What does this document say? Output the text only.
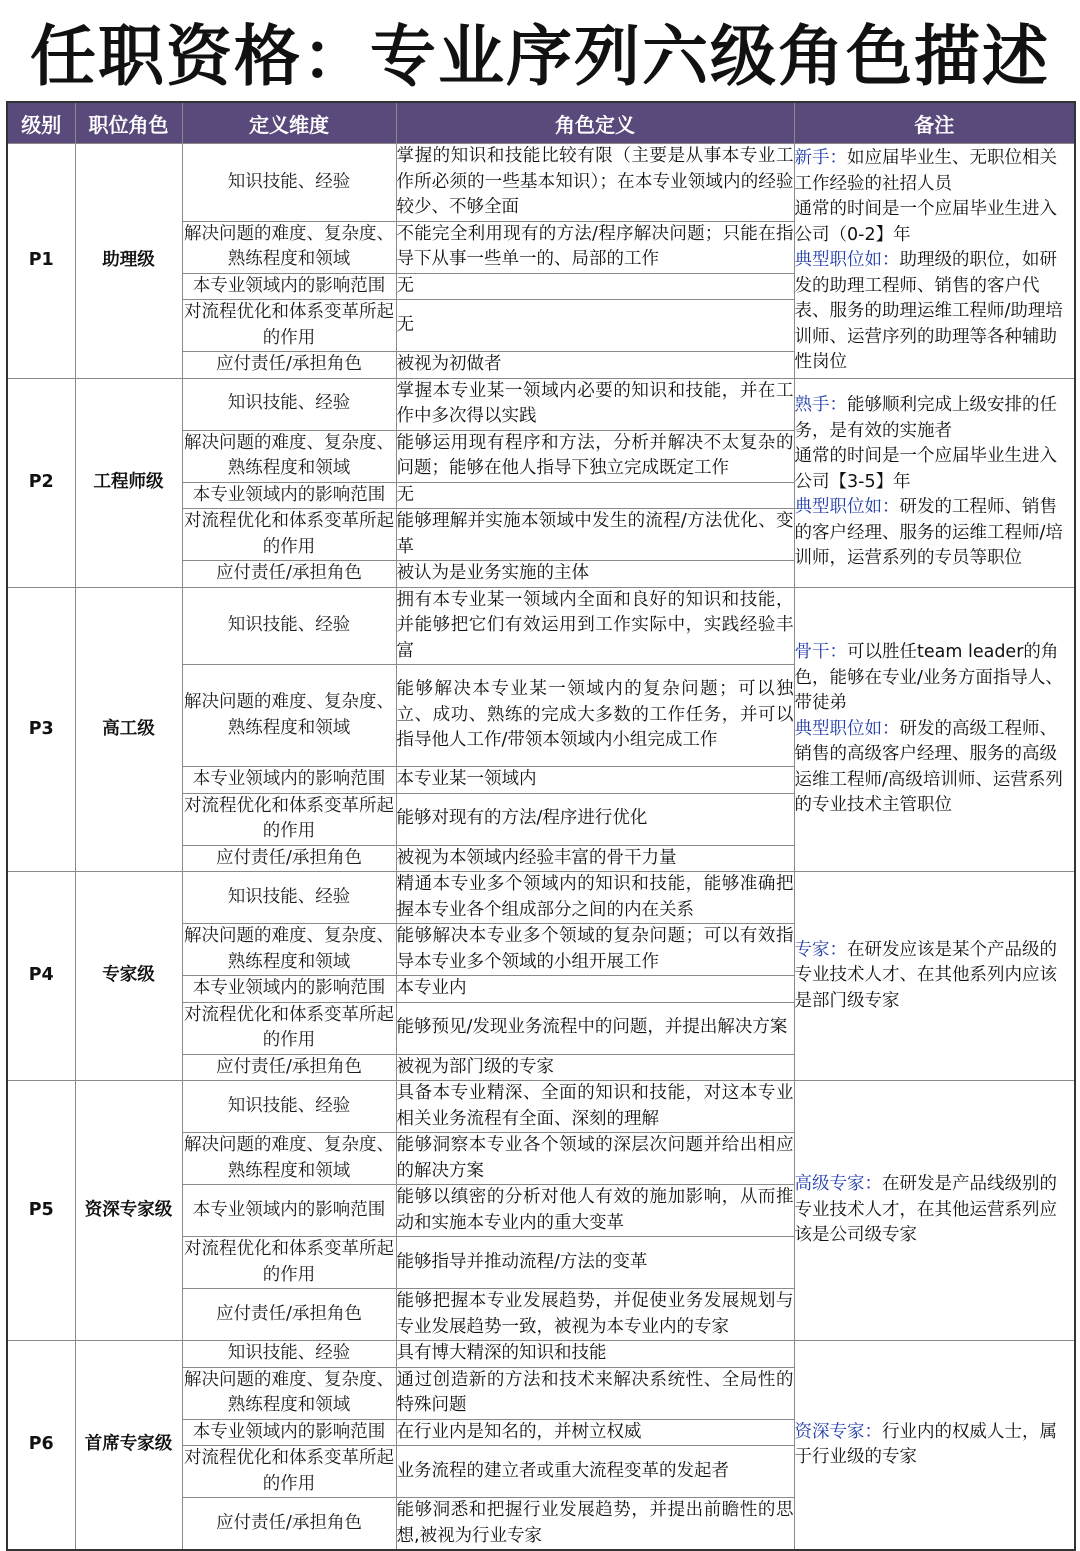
任职资格：专业序列六级角色描述
级别	职位角色	定义维度	角色定义	备注
P1	助理级	知识技能、经验	掌握的知识和技能比较有限（主要是从事本专业工作所必须的一些基本知识）；在本专业领域内的经验较少、不够全面	新手：如应届毕业生、无职位相关工作经验的社招人员
通常的时间是一个应届毕业生进入公司（0-2】年
典型职位如：助理级的职位，如研发的助理工程师、销售的客户代表、服务的助理运维工程师/助理培训师、运营序列的助理等各种辅助性岗位

		解决问题的难度、复杂度、熟练程度和领域	不能完全利用现有的方法/程序解决问题；只能在指导下从事一些单一的、局部的工作	
		本专业领域内的影响范围	无	
		对流程优化和体系变革所起的作用	无	
		应付责任/承担角色	被视为初做者	
P2	工程师级	知识技能、经验	掌握本专业某一领域内必要的知识和技能，并在工作中多次得以实践	熟手：能够顺利完成上级安排的任务，是有效的实施者
通常的时间是一个应届毕业生进入公司【3-5】年
典型职位如：研发的工程师、销售的客户经理、服务的运维工程师/培训师，运营系列的专员等职位

		解决问题的难度、复杂度、熟练程度和领域	能够运用现有程序和方法，分析并解决不太复杂的问题；能够在他人指导下独立完成既定工作	
		本专业领域内的影响范围	无	
		对流程优化和体系变革所起的作用	能够理解并实施本领域中发生的流程/方法优化、变革	
		应付责任/承担角色	被认为是业务实施的主体	
P3	高工级	知识技能、经验	拥有本专业某一领域内全面和良好的知识和技能，并能够把它们有效运用到工作实际中，实践经验丰富	骨干：可以胜任team leader的角色，能够在专业/业务方面指导人、带徒弟
典型职位如：研发的高级工程师、销售的高级客户经理、服务的高级运维工程师/高级培训师、运营系列的专业技术主管职位

		解决问题的难度、复杂度、熟练程度和领域	能够解决本专业某一领域内的复杂问题；可以独立、成功、熟练的完成大多数的工作任务，并可以指导他人工作/带领本领域内小组完成工作	
		本专业领域内的影响范围	本专业某一领域内	
		对流程优化和体系变革所起的作用	能够对现有的方法/程序进行优化	
		应付责任/承担角色	被视为本领域内经验丰富的骨干力量	
P4	专家级	知识技能、经验	精通本专业多个领域内的知识和技能，能够准确把握本专业各个组成部分之间的内在关系	专家：在研发应该是某个产品级的专业技术人才、在其他系列内应该是部门级专家

		解决问题的难度、复杂度、熟练程度和领域	能够解决本专业多个领域的复杂问题；可以有效指导本专业多个领域的小组开展工作	
		本专业领域内的影响范围	本专业内	
		对流程优化和体系变革所起的作用	能够预见/发现业务流程中的问题，并提出解决方案	
		应付责任/承担角色	被视为部门级的专家	
P5	资深专家级	知识技能、经验	具备本专业精深、全面的知识和技能，对这本专业相关业务流程有全面、深刻的理解	高级专家：在研发是产品线级别的专业技术人才，在其他运营系列应该是公司级专家

		解决问题的难度、复杂度、熟练程度和领域	能够洞察本专业各个领域的深层次问题并给出相应的解决方案	
		本专业领域内的影响范围	能够以缜密的分析对他人有效的施加影响，从而推动和实施本专业内的重大变革	
		对流程优化和体系变革所起的作用	能够指导并推动流程/方法的变革	
		应付责任/承担角色	能够把握本专业发展趋势，并促使业务发展规划与专业发展趋势一致，被视为本专业内的专家	
P6	首席专家级	知识技能、经验	具有博大精深的知识和技能	资深专家：行业内的权威人士，属于行业级的专家

		解决问题的难度、复杂度、熟练程度和领域	通过创造新的方法和技术来解决系统性、全局性的特殊问题	
		本专业领域内的影响范围	在行业内是知名的，并树立权威	
		对流程优化和体系变革所起的作用	业务流程的建立者或重大流程变革的发起者	
		应付责任/承担角色	能够洞悉和把握行业发展趋势，并提出前瞻性的思想,被视为行业专家	
